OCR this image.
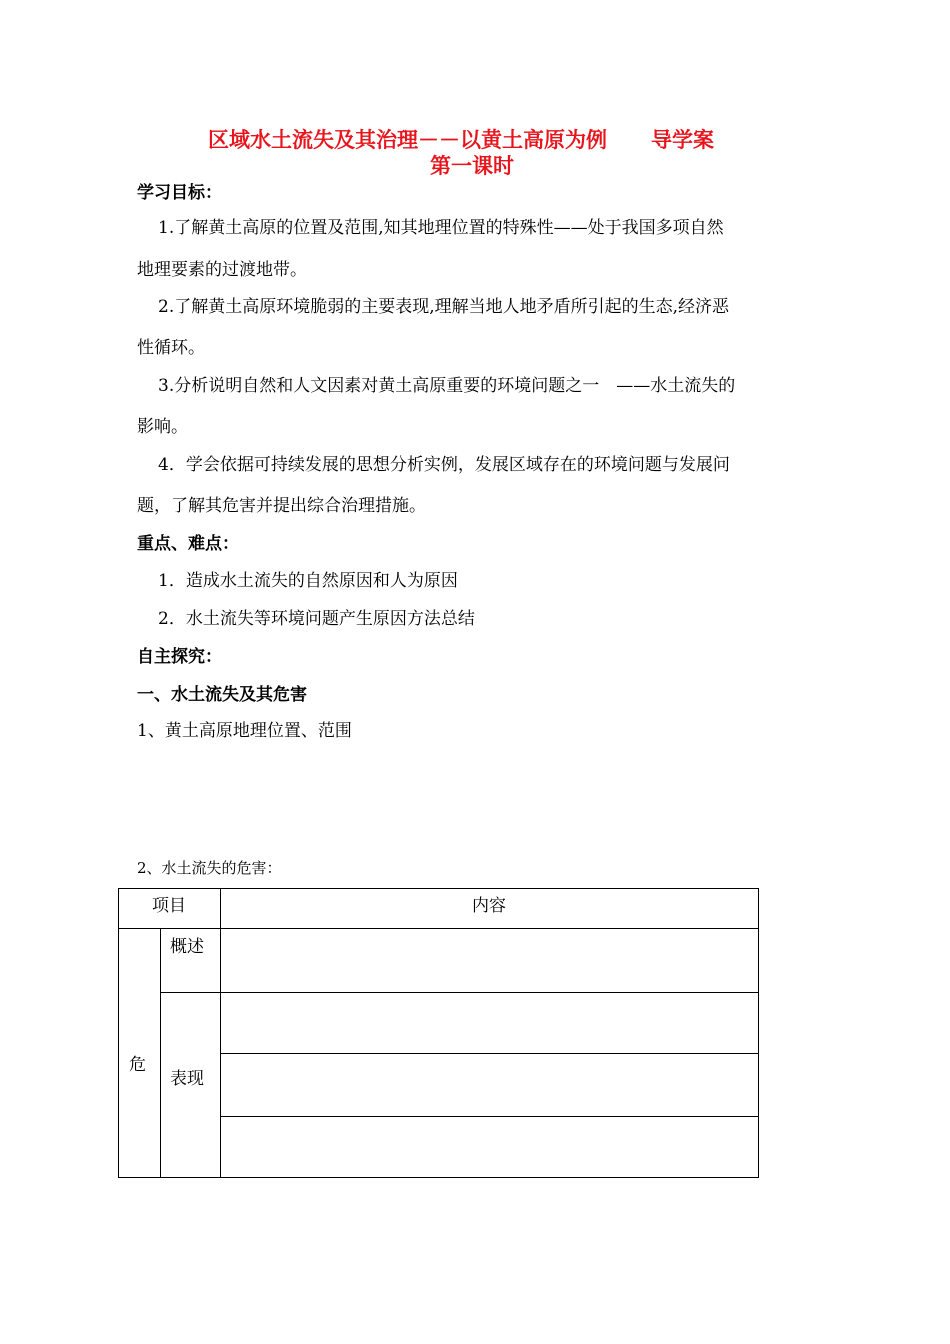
区域水土流失及其治理－－以黄土高原为例 导学案
第一课时
学习目标：
1.了解黄土高原的位置及范围,知其地理位置的特殊性——处于我国多项自然
地理要素的过渡地带。
2.了解黄土高原环境脆弱的主要表现,理解当地人地矛盾所引起的生态,经济恶
性循环。
3.分析说明自然和人文因素对黄土高原重要的环境问题之一　——水土流失的
影响。
4．学会依据可持续发展的思想分析实例，发展区域存在的环境问题与发展问
题，了解其危害并提出综合治理措施。
重点、难点：
1．造成水土流失的自然原因和人为原因
2．水土流失等环境问题产生原因方法总结
自主探究：
一、水土流失及其危害
1、黄土高原地理位置、范围
2、水土流失的危害：
项目	内容
危
概述
表现
